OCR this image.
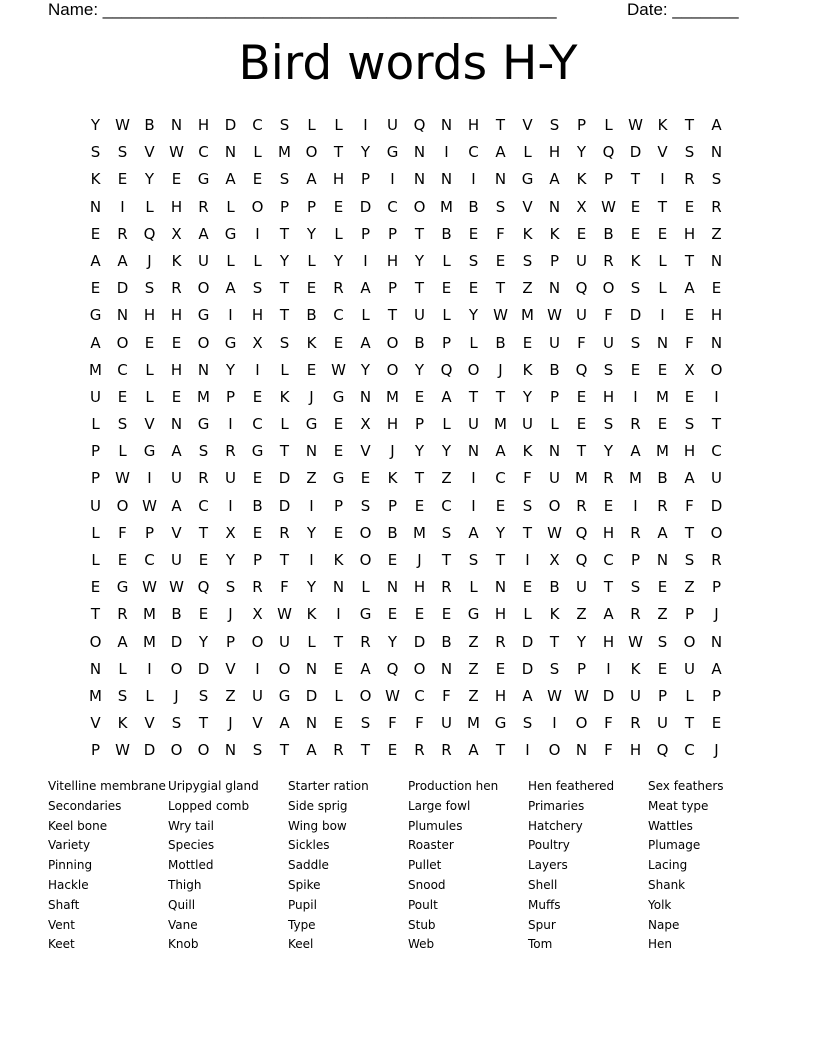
Name: ________________________________________________	Date: _______
Bird words H-Y
Y	W B	N	H	D	C	S	L	L	I	U	Q	N	H	T	V	S	P	L	W K	T	A
S	S	V W C	N	L	M O	T	Y	G	N	I	C	A	L	H	Y	Q	D	V	S	N
K	E	Y	E	G	A	E	S	A	H	P	I	N	N	I	N	G	A	K	P	T	I	R	S
N	I	L	H	R	L	O	P	P	E	D	C	O M	B	S	V	N	X W E	T	E	R
E	R	Q	X	A	G	I	T	Y	L	P	P	T	B	E	F	K	K	E	B	E	E	H	Z
A	A	J	K	U	L	L	Y	L	Y	I	H	Y	L	S	E	S	P	U	R	K	L	T	N
E	D	S	R	O	A	S	T	E	R	A	P	T	E	E	T	Z	N	Q	O	S	L	A	E
G	N	H	H	G	I	H	T	B	C	L	T	U	L	Y	W M W U	F	D	I	E	H
A	O	E	E	O	G	X	S	K	E	A	O	B	P	L	B	E	U	F	U	S	N	F	N
M	C	L	H	N	Y	I	L	E W Y	O	Y	Q	O	J	K	B	Q	S	E	E	X	O
U	E	L	E	M	P	E	K	J	G	N M	E	A	T	T	Y	P	E	H	I	M	E	I
L	S	V	N	G	I	C	L	G	E	X	H	P	L	U	M	U	L	E	S	R	E	S	T
P	L	G	A	S	R	G	T	N	E	V	J	Y	Y	N	A	K	N	T	Y	A	M H	C
P	W	I	U	R	U	E	D	Z	G	E	K	T	Z	I	C	F	U	M	R	M	B	A	U
U	O W A	C	I	B	D	I	P	S	P	E	C	I	E	S	O	R	E	I	R	F	D
L	F	P	V	T	X	E	R	Y	E	O	B	M	S	A	Y	T	W Q	H	R	A	T	O
L	E	C	U	E	Y	P	T	I	K	O	E	J	T	S	T	I	X	Q	C	P	N	S	R
E	G W W Q	S	R	F	Y	N	L	N	H	R	L	N	E	B	U	T	S	E	Z	P
T	R	M	B	E	J	X W K	I	G	E	E	E	G	H	L	K	Z	A	R	Z	P	J
O	A	M D	Y	P	O	U	L	T	R	Y	D	B	Z	R	D	T	Y	H W S	O	N
N	L	I	O	D	V	I	O	N	E	A	Q	O	N	Z	E	D	S	P	I	K	E	U	A
M	S	L	J	S	Z	U	G	D	L	O W C	F	Z	H	A W W D	U	P	L	P
V	K	V	S	T	J	V	A	N	E	S	F	F	U	M G	S	I	O	F	R	U	T	E
P	W D	O	O	N	S	T	A	R	T	E	R	R	A	T	I	O	N	F	H	Q	C	J
Vitelline membrane
Secondaries
Keel bone
Variety
Pinning
Hackle
Shaft
Vent
Keet
Uripygial gland
Lopped comb
Wry tail
Species
Mottled
Thigh
Quill
Vane
Knob
Starter ration
Side sprig
Wing bow
Sickles
Saddle
Spike
Pupil
Type
Keel
Production hen
Large fowl
Plumules
Roaster
Pullet
Snood
Poult
Stub
Web
Hen feathered
Primaries
Hatchery
Poultry
Layers
Shell
Muffs
Spur
Tom
Sex feathers
Meat type
Wattles
Plumage
Lacing
Shank
Yolk
Nape
Hen
